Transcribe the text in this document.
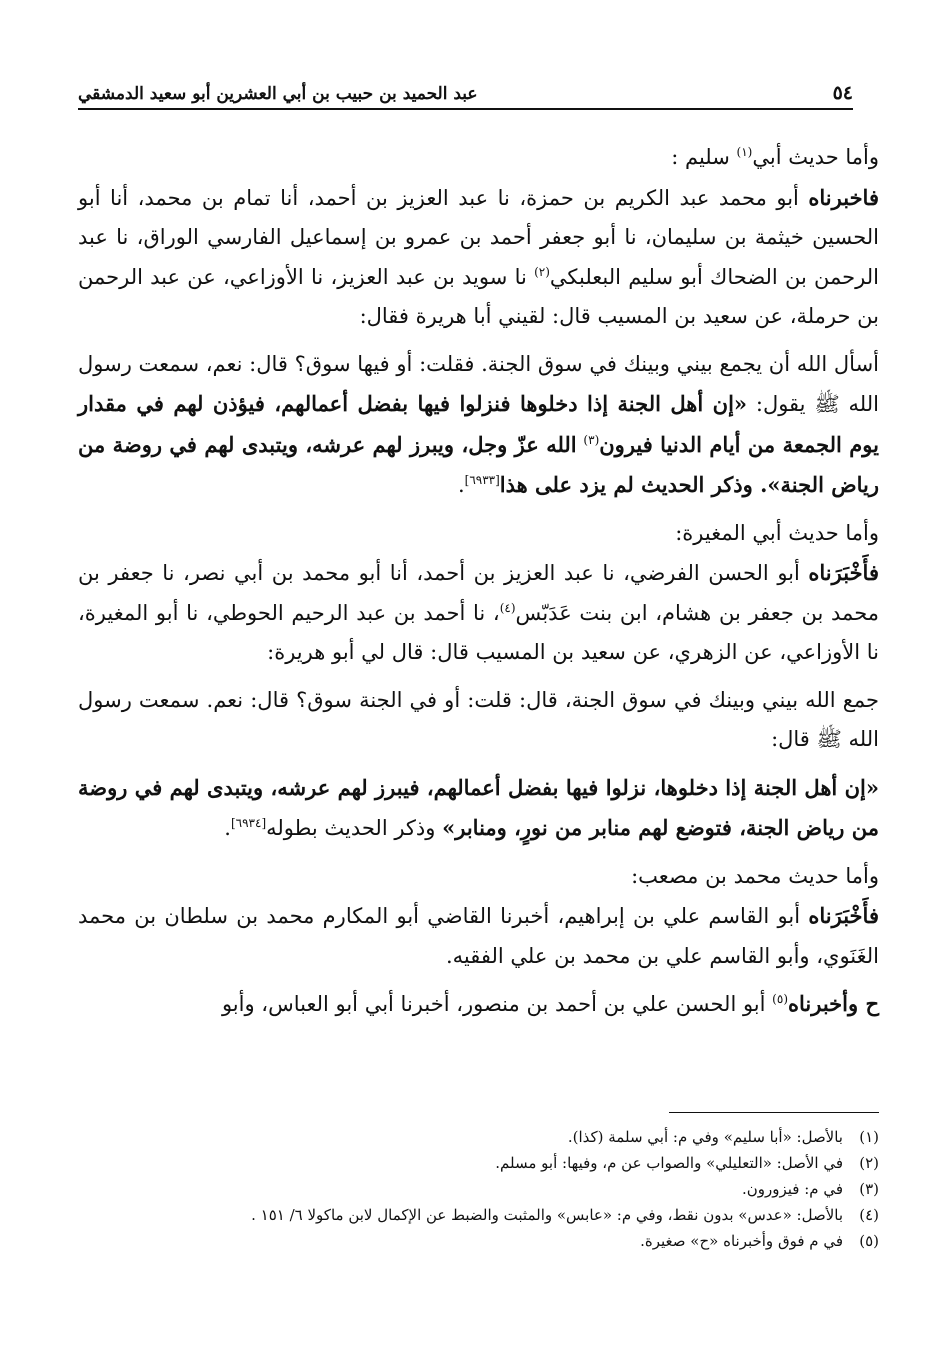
٥٤
عبد الحميد بن حبيب بن أبي العشرين أبو سعيد الدمشقي

وأما حديث أبي$^{(١)}$ سليم :

فاخبرناه أبو محمد عبد الكريم بن حمزة، نا عبد العزيز بن أحمد، أنا تمام بن محمد، أنا أبو الحسين خيثمة بن سليمان، نا أبو جعفر أحمد بن عمرو بن إسماعيل الفارسي الوراق، نا عبد الرحمن بن الضحاك أبو سليم البعلبكي$^{(٢)}$ نا سويد بن عبد العزيز، نا الأوزاعي، عن عبد الرحمن بن حرملة، عن سعيد بن المسيب قال: لقيني أبا هريرة فقال:

أسأل الله أن يجمع بيني وبينك في سوق الجنة. فقلت: أو فيها سوق؟ قال: نعم، سمعت رسول الله ﷺ يقول: «إن أهل الجنة إذا دخلوها فنزلوا فيها بفضل أعمالهم، فيؤذن لهم في مقدار يوم الجمعة من أيام الدنيا فيرون$^{(٣)}$ الله عزّ وجل، ويبرز لهم عرشه، ويتبدى لهم في روضة من رياض الجنة». وذكر الحديث لم يزد على هذا[٦٩٣٣].

وأما حديث أبي المغيرة:

فأَخْبَرَناه أبو الحسن الفرضي، نا عبد العزيز بن أحمد، أنا أبو محمد بن أبي نصر، نا جعفر بن محمد بن جعفر بن هشام، ابن بنت عَدَبّس$^{(٤)}$، نا أحمد بن عبد الرحيم الحوطي، نا أبو المغيرة، نا الأوزاعي، عن الزهري، عن سعيد بن المسيب قال: قال لي أبو هريرة:

جمع الله بيني وبينك في سوق الجنة، قال: قلت: أو في الجنة سوق؟ قال: نعم. سمعت رسول الله ﷺ قال:

«إن أهل الجنة إذا دخلوها، نزلوا فيها بفضل أعمالهم، فيبرز لهم عرشه، ويتبدى لهم في روضة من رياض الجنة، فتوضع لهم منابر من نورٍ، ومنابر» وذكر الحديث بطوله[٦٩٣٤].

وأما حديث محمد بن مصعب:

فأَخْبَرَناه أبو القاسم علي بن إبراهيم، أخبرنا القاضي أبو المكارم محمد بن سلطان بن محمد الغَنَوي، وأبو القاسم علي بن محمد بن علي الفقيه.

ح وأخبرناه$^{(٥)}$ أبو الحسن علي بن أحمد بن منصور، أخبرنا أبي أبو العباس، وأبو

(١)
بالأصل: «أبا سليم» وفي م: أبي سلمة (كذا).
(٢)
في الأصل: «التعليلي» والصواب عن م، وفيها: أبو مسلم.
(٣)
في م: فيزورون.
(٤)
بالأصل: «عدس» بدون نقط، وفي م: «عابس» والمثبت والضبط عن الإكمال لابن ماكولا ٦/ ١٥١ .
(٥)
في م فوق وأخبرناه «ح» صغيرة.
